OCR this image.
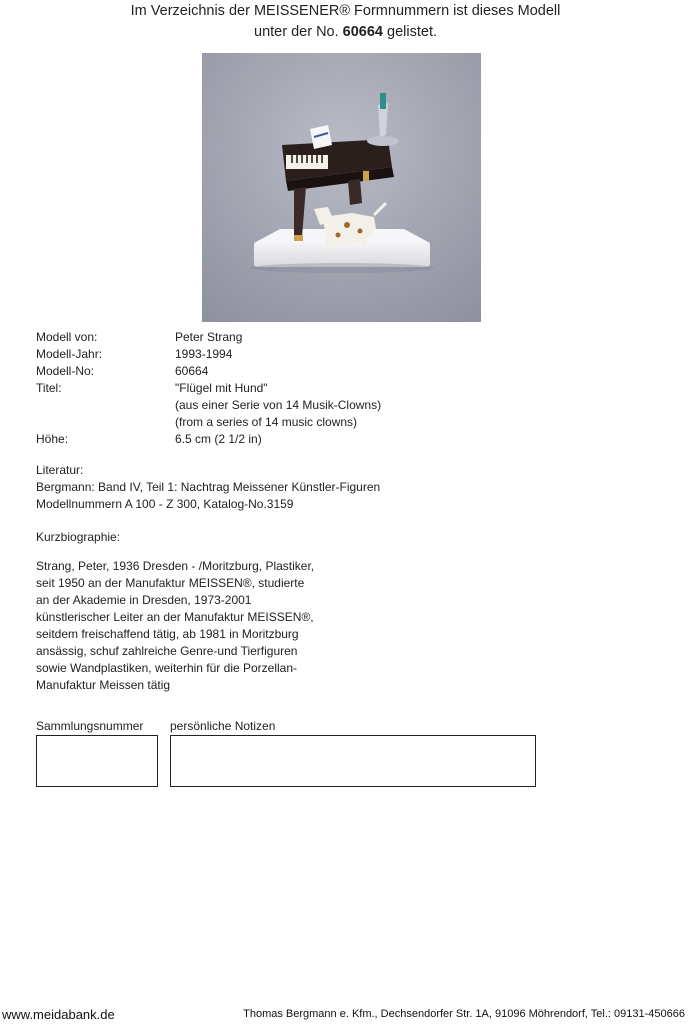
Im Verzeichnis der MEISSENER® Formnummern ist dieses Modell
unter der No. 60664 gelistet.
Modell von:	Peter Strang
Modell-Jahr:	1993-1994
Modell-No:	60664
Titel:	"Flügel mit Hund"
(aus einer Serie von 14 Musik-Clowns)
(from a series of 14 music clowns)
Höhe:	6.5 cm (2 1/2 in)
Literatur:
Bergmann: Band IV, Teil 1: Nachtrag Meissener Künstler-Figuren
Modellnummern A 100 - Z 300, Katalog-No.3159
Kurzbiographie:
Strang, Peter, 1936 Dresden - /Moritzburg, Plastiker,
seit 1950 an der Manufaktur MEISSEN®, studierte
an der Akademie in Dresden, 1973-2001
künstlerischer Leiter an der Manufaktur MEISSEN®,
seitdem freischaffend tätig, ab 1981 in Moritzburg
ansässig, schuf zahlreiche Genre-und Tierfiguren
sowie Wandplastiken, weiterhin für die Porzellan-
Manufaktur Meissen tätig
Sammlungsnummer persönliche Notizen
www.meidabank.de	Thomas Bergmann e. Kfm., Dechsendorfer Str. 1A, 91096 Möhrendorf, Tel.: 09131-450666
